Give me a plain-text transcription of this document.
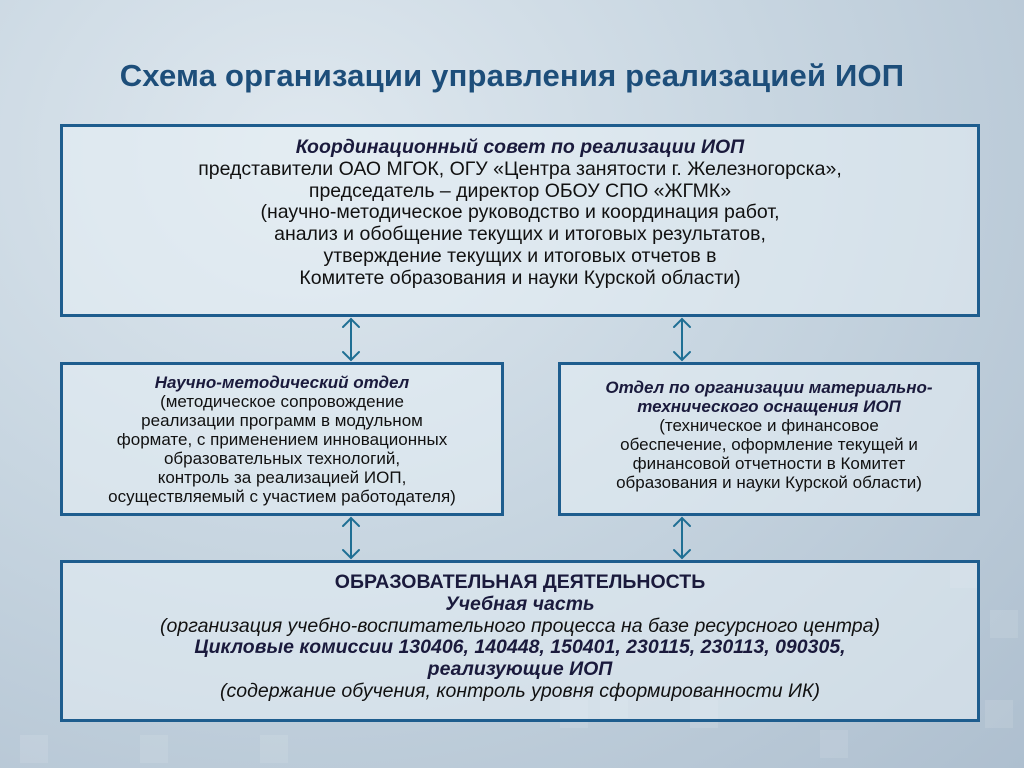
Схема организации управления реализацией ИОП
Координационный совет по реализации ИОП
представители ОАО МГОК, ОГУ «Центра занятости г. Железногорска»,
председатель – директор ОБОУ СПО «ЖГМК»
(научно-методическое руководство и координация работ,
анализ и обобщение текущих и итоговых результатов,
утверждение текущих и итоговых отчетов в
Комитете образования и науки Курской области)
Научно-методический отдел
(методическое сопровождение
реализации программ в модульном
формате, с применением инновационных
образовательных технологий,
контроль за реализацией ИОП,
осуществляемый с участием работодателя)
Отдел по организации материально-
технического оснащения ИОП
(техническое и финансовое
обеспечение, оформление текущей и
финансовой отчетности в Комитет
образования и науки Курской области)
ОБРАЗОВАТЕЛЬНАЯ ДЕЯТЕЛЬНОСТЬ
Учебная часть
(организация учебно-воспитательного процесса на базе ресурсного центра)
Цикловые комиссии 130406, 140448, 150401, 230115, 230113, 090305,
реализующие ИОП
(содержание обучения, контроль уровня сформированности ИК)
